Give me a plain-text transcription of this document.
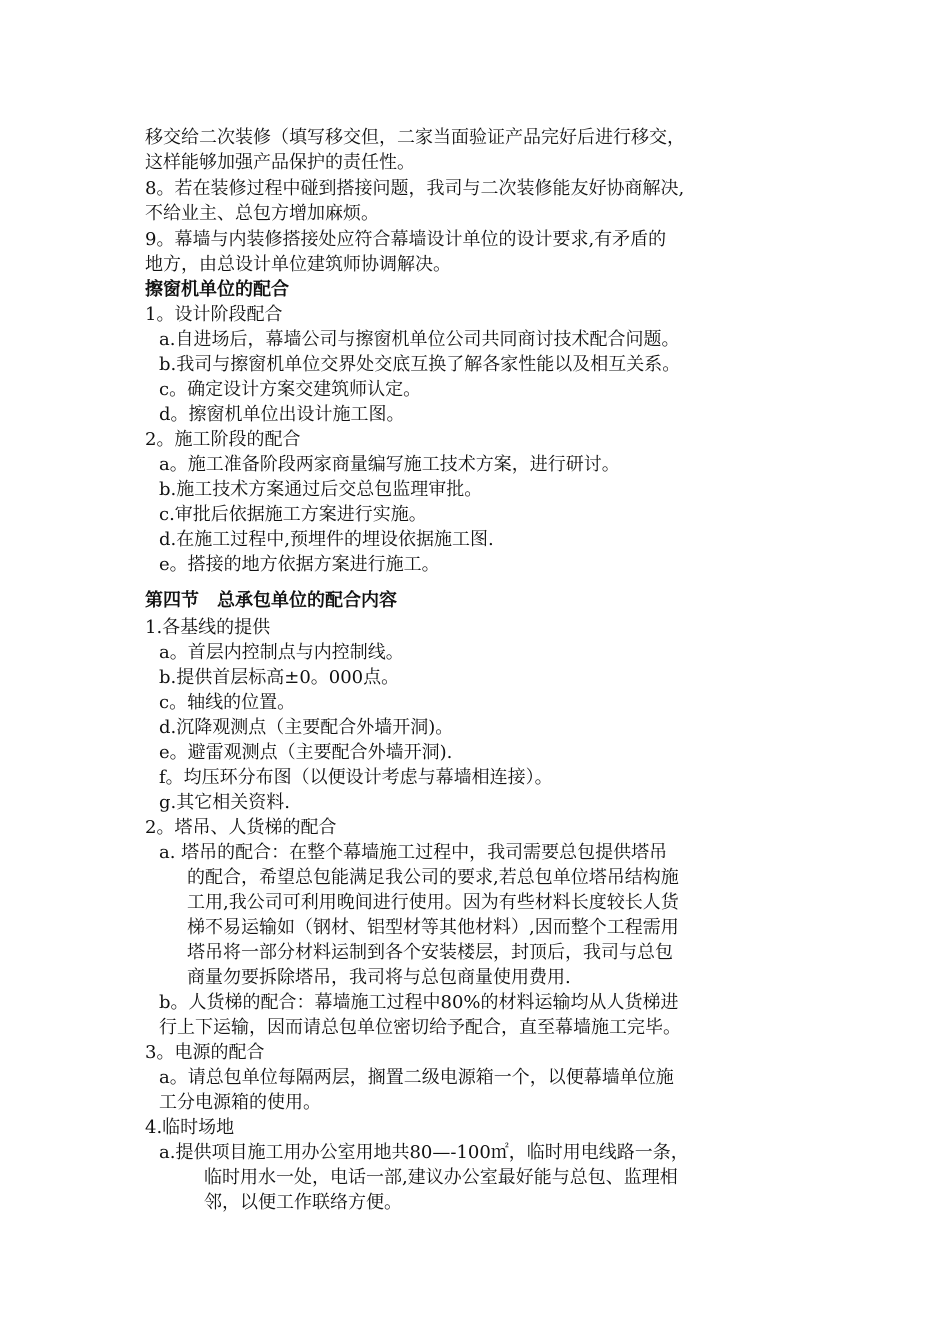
移交给二次装修（填写移交但，二家当面验证产品完好后进行移交，
这样能够加强产品保护的责任性。
8。若在装修过程中碰到搭接问题，我司与二次装修能友好协商解决,
不给业主、总包方增加麻烦。
9。幕墙与内装修搭接处应符合幕墙设计单位的设计要求,有矛盾的
地方，由总设计单位建筑师协调解决。
擦窗机单位的配合
1。设计阶段配合
a.自进场后，幕墙公司与擦窗机单位公司共同商讨技术配合问题。
b.我司与擦窗机单位交界处交底互换了解各家性能以及相互关系。
c。确定设计方案交建筑师认定。
d。擦窗机单位出设计施工图。
2。施工阶段的配合
a。施工准备阶段两家商量编写施工技术方案，进行研讨。
b.施工技术方案通过后交总包监理审批。
c.审批后依据施工方案进行实施。
d.在施工过程中,预埋件的埋设依据施工图.
e。搭接的地方依据方案进行施工。
第四节　总承包单位的配合内容
1.各基线的提供
a。首层内控制点与内控制线。
b.提供首层标高±0。000点。
c。轴线的位置。
d.沉降观测点（主要配合外墙开洞)。
e。避雷观测点（主要配合外墙开洞).
f。均压环分布图（以便设计考虑与幕墙相连接）。
g.其它相关资料.
2。塔吊、人货梯的配合
a. 塔吊的配合：在整个幕墙施工过程中，我司需要总包提供塔吊
的配合，希望总包能满足我公司的要求,若总包单位塔吊结构施
工用,我公司可利用晚间进行使用。因为有些材料长度较长人货
梯不易运输如（钢材、铝型材等其他材料）,因而整个工程需用
塔吊将一部分材料运制到各个安装楼层，封顶后，我司与总包
商量勿要拆除塔吊，我司将与总包商量使用费用.
b。人货梯的配合：幕墙施工过程中80%的材料运输均从人货梯进
行上下运输，因而请总包单位密切给予配合，直至幕墙施工完毕。
3。电源的配合
a。请总包单位每隔两层，搁置二级电源箱一个，以便幕墙单位施
工分电源箱的使用。
4.临时场地
a.提供项目施工用办公室用地共80—-100㎡，临时用电线路一条，
临时用水一处，电话一部,建议办公室最好能与总包、监理相
邻，以便工作联络方便。
